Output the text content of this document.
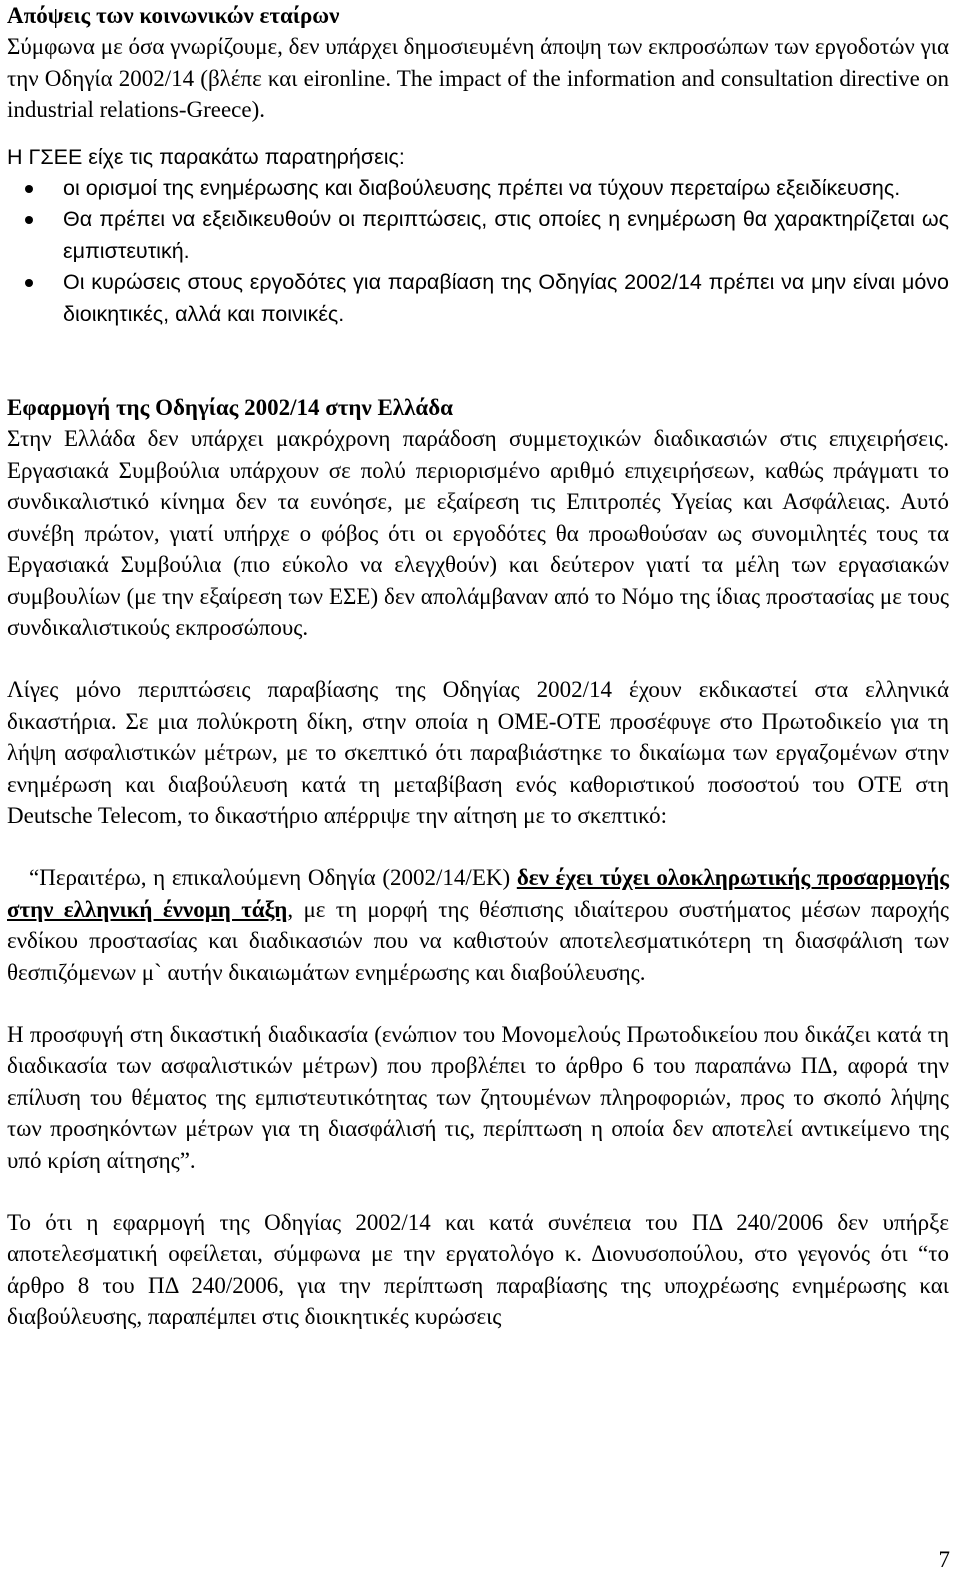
Απόψεις των κοινωνικών εταίρων

Σύμφωνα με όσα γνωρίζουμε, δεν υπάρχει δημοσιευμένη άποψη των εκπροσώπων των εργοδοτών για την Οδηγία 2002/14 (βλέπε και eironline. The impact of the information and consultation directive on industrial relations-Greece).

Η ΓΣΕΕ είχε τις παρακάτω παρατηρήσεις:

οι ορισμοί της ενημέρωσης και διαβούλευσης πρέπει να τύχουν περεταίρω εξειδίκευσης.
Θα πρέπει να εξειδικευθούν οι περιπτώσεις, στις οποίες η ενημέρωση θα χαρακτηρίζεται ως εμπιστευτική.
Οι κυρώσεις στους εργοδότες για παραβίαση της Οδηγίας 2002/14 πρέπει να μην είναι μόνο διοικητικές, αλλά και ποινικές.
Εφαρμογή της Οδηγίας 2002/14 στην Ελλάδα

Στην Ελλάδα δεν υπάρχει μακρόχρονη παράδοση συμμετοχικών διαδικασιών στις επιχειρήσεις. Εργασιακά Συμβούλια υπάρχουν σε πολύ περιορισμένο αριθμό επιχειρήσεων, καθώς πράγματι το συνδικαλιστικό κίνημα δεν τα ευνόησε, με εξαίρεση τις Επιτροπές Υγείας και Ασφάλειας. Αυτό συνέβη πρώτον, γιατί υπήρχε ο φόβος ότι οι εργοδότες θα προωθούσαν ως συνομιλητές τους τα Εργασιακά Συμβούλια (πιο εύκολο να ελεγχθούν) και δεύτερον γιατί τα μέλη των εργασιακών συμβουλίων (με την εξαίρεση των ΕΣΕ) δεν απολάμβαναν από το Νόμο της ίδιας προστασίας με τους συνδικαλιστικούς εκπροσώπους.

Λίγες μόνο περιπτώσεις παραβίασης της Οδηγίας 2002/14 έχουν εκδικαστεί στα ελληνικά δικαστήρια. Σε μια πολύκροτη δίκη, στην οποία η ΟΜΕ-ΟΤΕ προσέφυγε στο Πρωτοδικείο για τη λήψη ασφαλιστικών μέτρων, με το σκεπτικό ότι παραβιάστηκε το δικαίωμα των εργαζομένων στην ενημέρωση και διαβούλευση κατά τη μεταβίβαση ενός καθοριστικού ποσοστού του ΟΤΕ στη Deutsche Telecom, το δικαστήριο απέρριψε την αίτηση με το σκεπτικό:

“Περαιτέρω, η επικαλούμενη Οδηγία (2002/14/ΕΚ) δεν έχει τύχει ολοκληρωτικής προσαρμογής στην ελληνική έννομη τάξη, με τη μορφή της θέσπισης ιδιαίτερου συστήματος μέσων παροχής ενδίκου προστασίας και διαδικασιών που να καθιστούν αποτελεσματικότερη τη διασφάλιση των θεσπιζόμενων μ` αυτήν δικαιωμάτων ενημέρωσης και διαβούλευσης.

Η προσφυγή στη δικαστική διαδικασία (ενώπιον του Μονομελούς Πρωτοδικείου που δικάζει κατά τη διαδικασία των ασφαλιστικών μέτρων) που προβλέπει το άρθρο 6 του παραπάνω ΠΔ, αφορά την επίλυση του θέματος της εμπιστευτικότητας των ζητουμένων πληροφοριών, προς το σκοπό λήψης των προσηκόντων μέτρων για τη διασφάλισή τις, περίπτωση η οποία δεν αποτελεί αντικείμενο της υπό κρίση αίτησης”.

Το ότι η εφαρμογή της Οδηγίας 2002/14 και κατά συνέπεια του ΠΔ 240/2006 δεν υπήρξε αποτελεσματική οφείλεται, σύμφωνα με την εργατολόγο κ. Διονυσοπούλου, στο γεγονός ότι “το άρθρο 8 του ΠΔ 240/2006, για την περίπτωση παραβίασης της υποχρέωσης ενημέρωσης και διαβούλευσης, παραπέμπει στις διοικητικές κυρώσεις

7
